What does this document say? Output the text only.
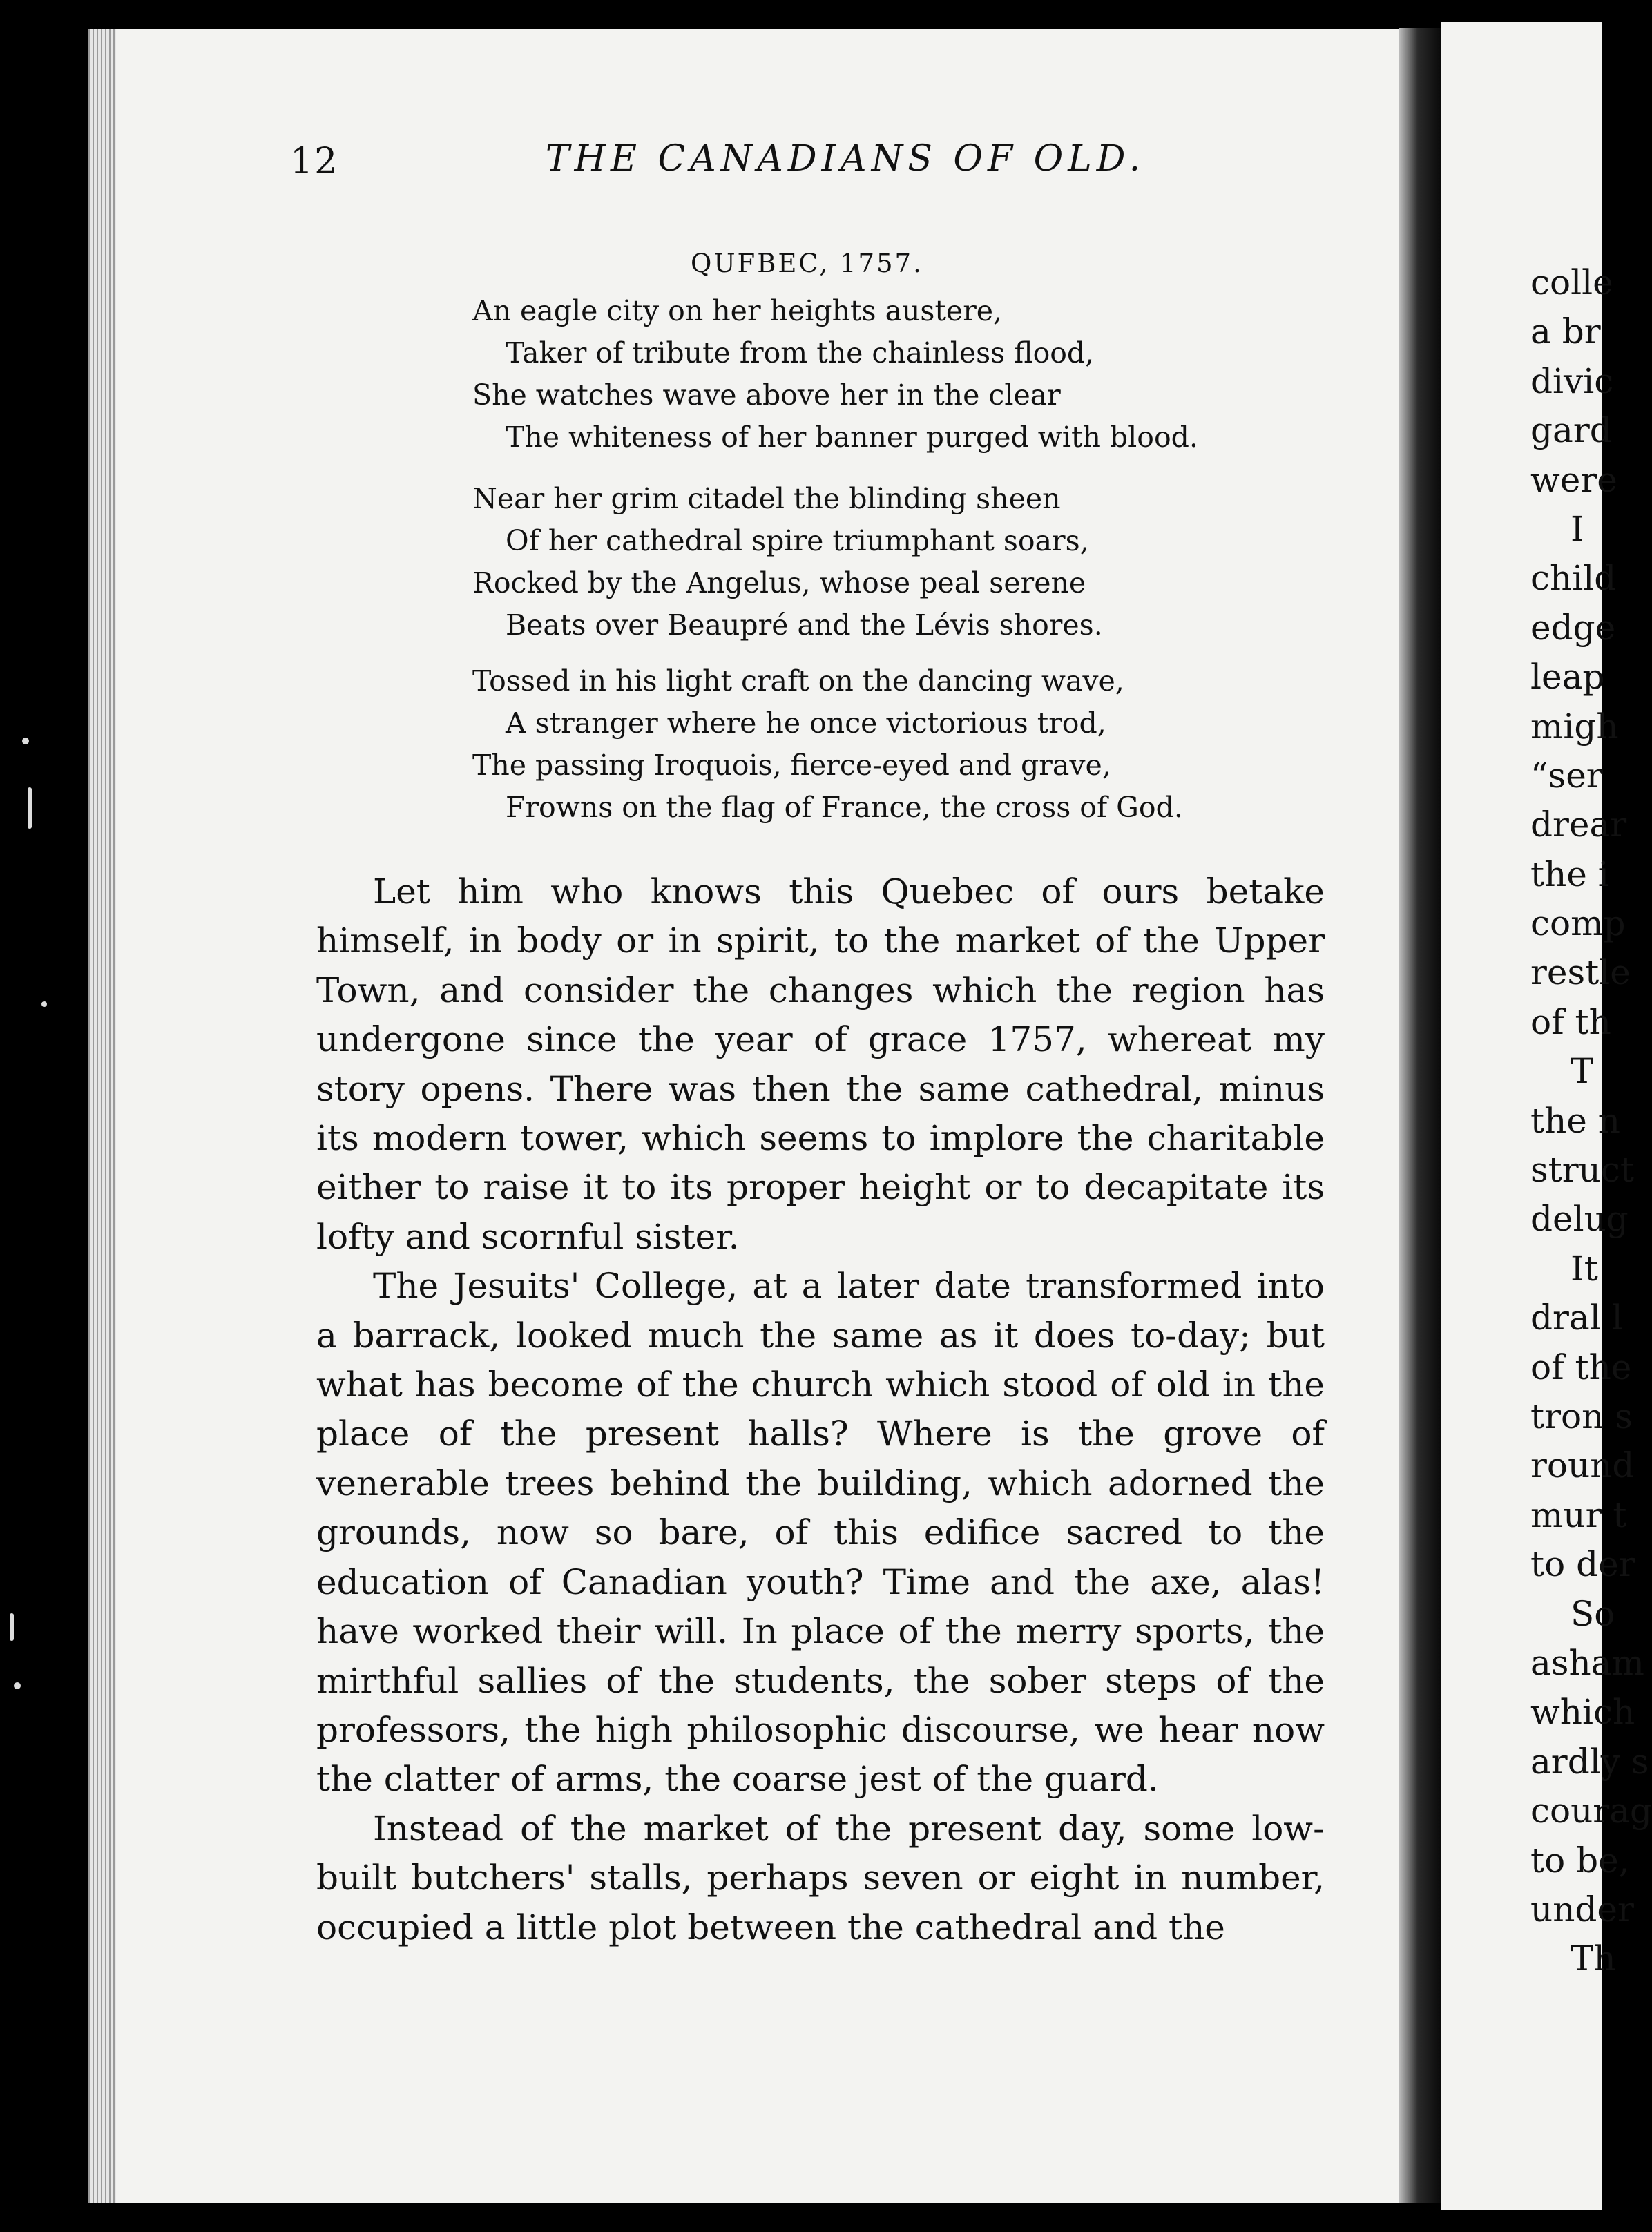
colle
a br
divic
gard
were
I
child
edge
leap
migh
“ser
drear
the i
comp
restle
of th
T
the n
struct
delug
It
dral l
of the
tron s
round
mur t
to der
So
asham
which
ardly s
courag
to be,
under
Th
12	THE CANADIANS OF OLD.
QUFBEC, 1757.
An eagle city on her heights austere,
Taker of tribute from the chainless flood,
She watches wave above her in the clear
The whiteness of her banner purged with blood.
Near her grim citadel the blinding sheen
Of her cathedral spire triumphant soars,
Rocked by the Angelus, whose peal serene
Beats over Beaupré and the Lévis shores.
Tossed in his light craft on the dancing wave,
A stranger where he once victorious trod,
The passing Iroquois, fierce-eyed and grave,
Frowns on the flag of France, the cross of God.

Let him who knows this Quebec of ours betake himself, in body or in spirit, to the market of the Upper Town, and consider the changes which the region has undergone since the year of grace 1757, whereat my story opens. There was then the same cathedral, minus its modern tower, which seems to implore the charitable either to raise it to its proper height or to decapitate its lofty and scornful sister.

The Jesuits' College, at a later date transformed into a barrack, looked much the same as it does to-day; but what has become of the church which stood of old in the place of the present halls? Where is the grove of venerable trees behind the building, which adorned the grounds, now so bare, of this edifice sacred to the education of Canadian youth? Time and the axe, alas! have worked their will. In place of the merry sports, the mirthful sallies of the students, the sober steps of the professors, the high philosophic discourse, we hear now the clatter of arms, the coarse jest of the guard.

Instead of the market of the present day, some low-built butchers' stalls, perhaps seven or eight in number, occupied a little plot between the cathedral and the
